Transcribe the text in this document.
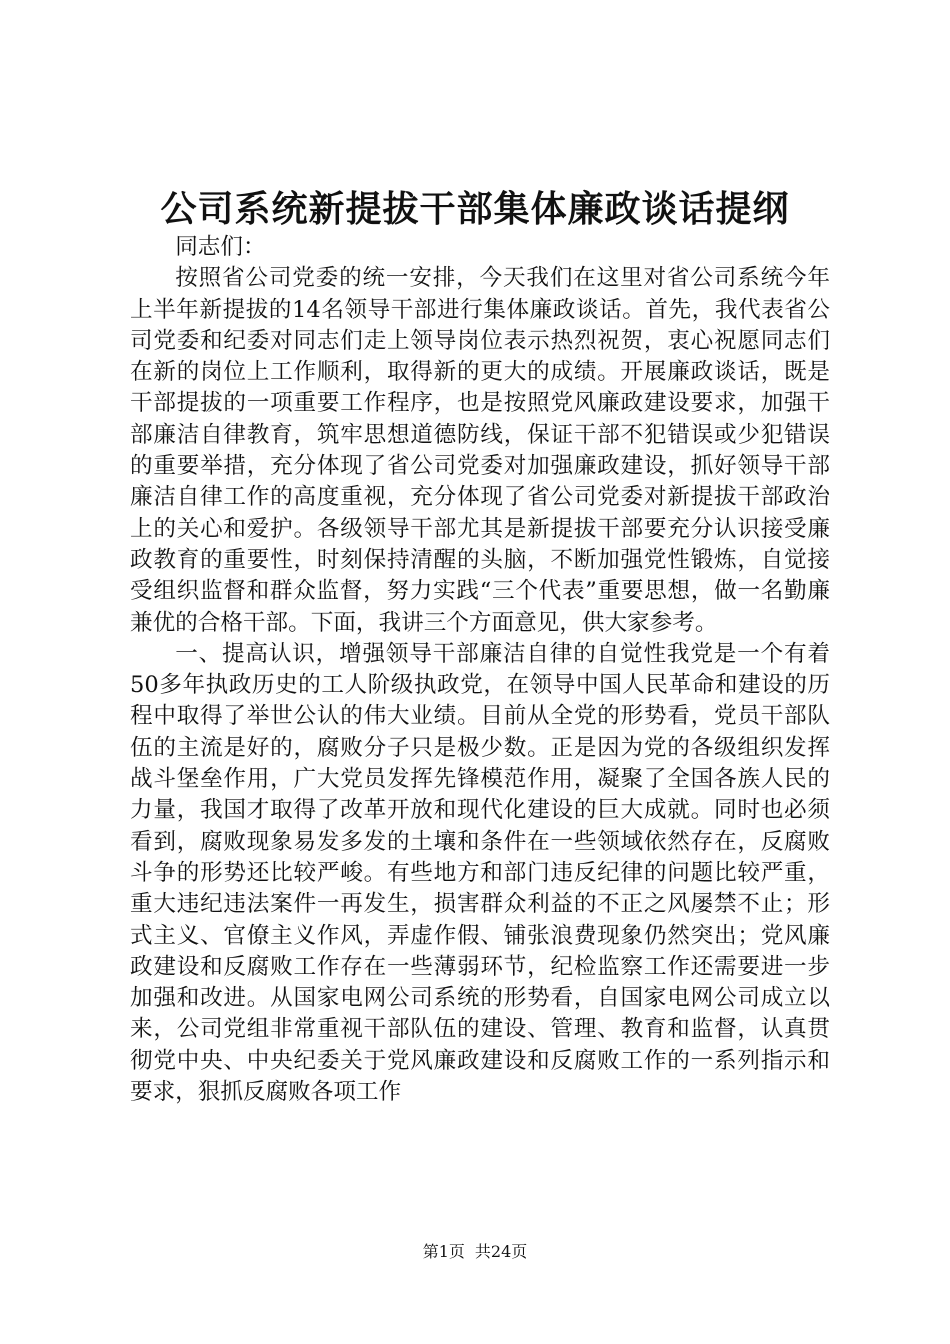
公司系统新提拔干部集体廉政谈话提纲

同志们：

按照省公司党委的统一安排，今天我们在这里对省公司系统今年上半年新提拔的14名领导干部进行集体廉政谈话。首先，我代表省公司党委和纪委对同志们走上领导岗位表示热烈祝贺，衷心祝愿同志们在新的岗位上工作顺利，取得新的更大的成绩。开展廉政谈话，既是干部提拔的一项重要工作程序，也是按照党风廉政建设要求，加强干部廉洁自律教育，筑牢思想道德防线，保证干部不犯错误或少犯错误的重要举措，充分体现了省公司党委对加强廉政建设，抓好领导干部廉洁自律工作的高度重视，充分体现了省公司党委对新提拔干部政治上的关心和爱护。各级领导干部尤其是新提拔干部要充分认识接受廉政教育的重要性，时刻保持清醒的头脑，不断加强党性锻炼，自觉接受组织监督和群众监督，努力实践“三个代表”重要思想，做一名勤廉兼优的合格干部。下面，我讲三个方面意见，供大家参考。

一、提高认识，增强领导干部廉洁自律的自觉性我党是一个有着50多年执政历史的工人阶级执政党，在领导中国人民革命和建设的历程中取得了举世公认的伟大业绩。目前从全党的形势看，党员干部队伍的主流是好的，腐败分子只是极少数。正是因为党的各级组织发挥战斗堡垒作用，广大党员发挥先锋模范作用，凝聚了全国各族人民的力量，我国才取得了改革开放和现代化建设的巨大成就。同时也必须看到，腐败现象易发多发的土壤和条件在一些领域依然存在，反腐败斗争的形势还比较严峻。有些地方和部门违反纪律的问题比较严重，重大违纪违法案件一再发生，损害群众利益的不正之风屡禁不止；形式主义、官僚主义作风，弄虚作假、铺张浪费现象仍然突出；党风廉政建设和反腐败工作存在一些薄弱环节，纪检监察工作还需要进一步加强和改进。从国家电网公司系统的形势看，自国家电网公司成立以来，公司党组非常重视干部队伍的建设、管理、教育和监督，认真贯彻党中央、中央纪委关于党风廉政建设和反腐败工作的一系列指示和要求，狠抓反腐败各项工作

第1页 共24页
